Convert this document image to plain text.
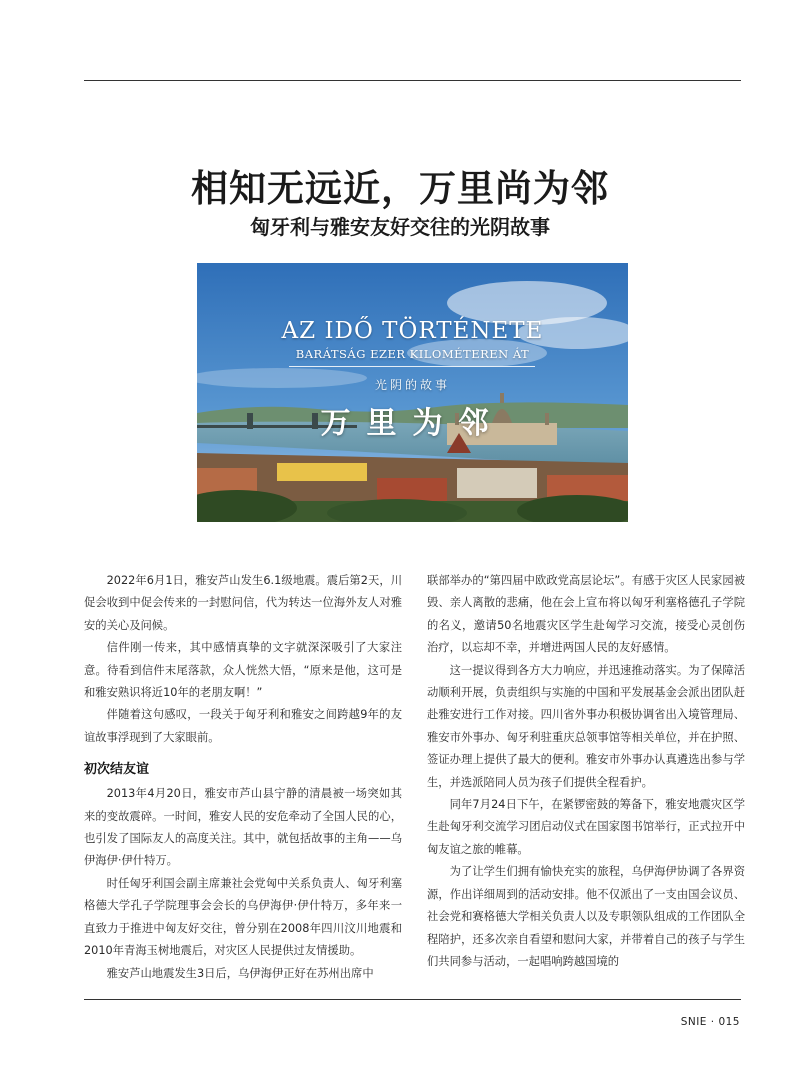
相知无远近，万里尚为邻
匈牙利与雅安友好交往的光阴故事
AZ IDŐ TÖRTÉNETE
BARÁTSÁG EZER KILOMÉTEREN ÁT
光阴的故事
万里为邻

2022年6月1日，雅安芦山发生6.1级地震。震后第2天，川促会收到中促会传来的一封慰问信，代为转达一位海外友人对雅安的关心及问候。

信件刚一传来，其中感情真挚的文字就深深吸引了大家注意。待看到信件末尾落款，众人恍然大悟，“原来是他，这可是和雅安熟识将近10年的老朋友啊！”

伴随着这句感叹，一段关于匈牙利和雅安之间跨越9年的友谊故事浮现到了大家眼前。

初次结友谊

2013年4月20日，雅安市芦山县宁静的清晨被一场突如其来的变故震碎。一时间，雅安人民的安危牵动了全国人民的心，也引发了国际友人的高度关注。其中，就包括故事的主角——乌伊海伊·伊什特万。

时任匈牙利国会副主席兼社会党匈中关系负责人、匈牙利塞格德大学孔子学院理事会会长的乌伊海伊·伊什特万，多年来一直致力于推进中匈友好交往，曾分别在2008年四川汶川地震和2010年青海玉树地震后，对灾区人民提供过友情援助。

雅安芦山地震发生3日后，乌伊海伊正好在苏州出席中

联部举办的“第四届中欧政党高层论坛”。有感于灾区人民家园被毁、亲人离散的悲痛，他在会上宣布将以匈牙利塞格德孔子学院的名义，邀请50名地震灾区学生赴匈学习交流，接受心灵创伤治疗，以忘却不幸，并增进两国人民的友好感情。

这一提议得到各方大力响应，并迅速推动落实。为了保障活动顺利开展，负责组织与实施的中国和平发展基金会派出团队赶赴雅安进行工作对接。四川省外事办积极协调省出入境管理局、雅安市外事办、匈牙利驻重庆总领事馆等相关单位，并在护照、签证办理上提供了最大的便利。雅安市外事办认真遴选出参与学生，并选派陪同人员为孩子们提供全程看护。

同年7月24日下午，在紧锣密鼓的筹备下，雅安地震灾区学生赴匈牙利交流学习团启动仪式在国家图书馆举行，正式拉开中匈友谊之旅的帷幕。

为了让学生们拥有愉快充实的旅程，乌伊海伊协调了各界资源，作出详细周到的活动安排。他不仅派出了一支由国会议员、社会党和赛格德大学相关负责人以及专职领队组成的工作团队全程陪护，还多次亲自看望和慰问大家，并带着自己的孩子与学生们共同参与活动，一起唱响跨越国境的

SNIE · 015
